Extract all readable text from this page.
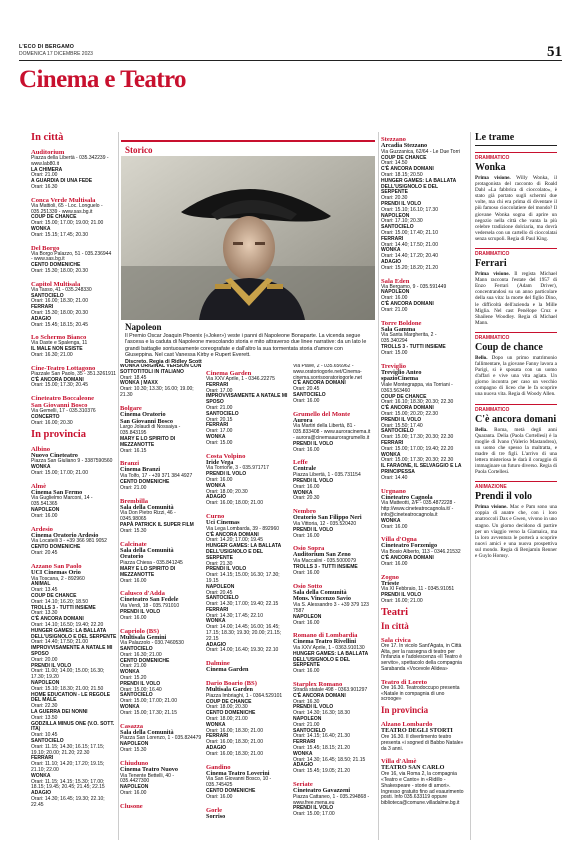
L'ECO DI BERGAMO
DOMENICA 17 DICEMBRE 2023	51
Cinema e Teatro
In città
Auditorium
Piazza della Libertà - 035.342239 -
www.lab80.it
LA CHIMERA
Orari: 21.00
A GUARDIA DI UNA FEDE
Orari: 16.30
Conca Verde Multisala
Via Mattioli, 65 - Loc. Longuelo -
035.251339 - www.sas.bg.it
COUP DE CHANCE
Orari: 15.00; 17.00; 19.00; 21.00
WONKA
Orari: 15.15; 17.45; 20.30
Del Borgo
Via Borgo Palazzo, 51 - 035.236944
- www.sas.bg.it
CENTO DOMENICHE
Orari: 15.30; 18.00; 20.30
Capitol Multisala
Via Tasso, 41 - 035.248330
SANTOCIELO
Orari: 16.00; 18.30; 21.00
FERRARI
Orari: 15.30; 18.00; 20.30
ADAGIO
Orari: 15.45; 18.15; 20.45
Lo Schermo Bianco
Via Daste e Spalenga, 11
IL MALE NON ESISTE
Orari: 16.30; 21.00
Cine-Teatro Lottagono
Piazzale San Paolo, 35 - 351.3261911
C'È ANCORA DOMANI
Orari: 15.00; 17.30; 20.45
Cineteatro Boccaleone
San Giovanni Bosco
Via Gemelli, 17 - 035.310376
CONCERTO
Orari: 16.00; 20.30
In provincia
Albino
Nuovo Cineteatro
Piazza San Giuliano 9 - 3387590560
WONKA
Orari: 15.00; 17.00; 21.00
Almè
Cinema San Fermo
Via Guglielmo Marconi, 14 -
035.541365
NAPOLEON
Orari: 16.00
Ardesio
Cinema Oratorio Ardesio
Via Locatelli 3 - +39 366 981 9052
CENTO DOMENICHE
Orari: 20.45
Azzano San Paolo
UCI Cinemas Orio
Via Toscana, 2 - 892960
ANIMAL
Orari: 13.45
COUP DE CHANCE
Orari: 14.10; 16.20; 18.50
TROLLS 3 - TUTTI INSIEME
Orari: 13.30
C'È ANCORA DOMANI
Orari: 14.10; 16.50; 19.40; 22.20
HUNGER GAMES: LA BALLATA DELL'USIGNOLO E DEL SERPENTE
Orari: 14.40; 17.50; 21.00
IMPROVVISAMENTE A NATALE MI SPOSO
Orari: 20.00
PRENDI IL VOLO
Orari: 11.00; 14.00; 15.00; 16.30; 17.30; 19.20
NAPOLEON
Orari: 15.10; 18.30; 21.00; 21.50
HOME EDUCATION - LE REGOLE DEL MALE
Orari: 22.30
LA GUERRA DEI NONNI
Orari: 13.50
GODZILLA MINUS ONE (V.O. SOTT. ITA)
Orari: 10.45
SANTOCIELO
Orari: 11.15; 14.30; 16.15; 17.15; 19.10; 20.00; 21.20; 22.30
FERRARI
Orari: 11.10; 14.20; 17.20; 19.15; 21.10; 22.00
WONKA
Orari: 11.15; 14.15; 15.30; 17.00; 18.15; 19.45; 20.45; 21.45; 22.15
ADAGIO
Orari: 14.30; 16.45; 19.30; 22.10; 22.45
Storico
Napoleon
Il Premio Oscar Joaquin Phoenix («Joker») veste i panni di Napoleone Bonaparte. La vicenda segue l'ascesa e la caduta di Napoleone mescolando storia e mito attraverso due linee narrative: da un lato le grandi battaglie sontuosamente coreografate e dall'altro la sua tormentata storia d'amore con Giuseppina. Nel cast Vanessa Kirby e Rupert Everett.
Discreto. Regia di Ridley Scott
WONKA ORIGINAL VERSION CON SOTTOTITOLI IN ITALIANO
Orari: 18.45
WONKA | MAXX
Orari: 10.30; 13.30; 16.00; 19.00; 21.30
Bolgare
Cinema Oratorio
San Giovanni Bosco
Largo Jolaudi di Nossaiya -
035.843195
MARY E LO SPIRITO DI MEZZANOTTE
Orari: 16.15
Branzi
Cinema Branzi
Via Tolfo, 17 - +39 371 384 4927
CENTO DOMENICHE
Orari: 21.00
Brembilla
Sala della Comunità
Via Don Pietro Rizzi, 46 -
0345.98065
PAPÀ PATRICK IL SUPER FILM
Orari: 15.30
Calcinate
Sala della Comunità
Oratorio
Piazza Chiesa - 035.841245
MARY E LO SPIRITO DI MEZZANOTTE
Orari: 16.00
Calusco d'Adda
Cineteatro San Fedele
Via Verdi, 18 - 035.791010
PRENDI IL VOLO
Orari: 16.00
Capriolo (BS)
Multisala Gemini
Via Palazzolo - 030.7460530
SANTOCIELO
Orari: 16.30; 21.00
CENTO DOMENICHE
Orari: 21.00
WONKA
Orari: 15.20
PRENDI IL VOLO
Orari: 15.00; 16.40
SANTOCIELO
Orari: 15.00; 17.00; 21.00
WONKA
Orari: 15.00; 17.30; 21.15
Casazza
Sala della Comunità
Piazza San Lorenzo, 1 - 035.824479
NAPOLEON
Orari: 15.30
Chiuduno
Cinema Teatro Nuovo
Via Tenente Bettelli, 40 -
035.4427300
NAPOLEON
Orari: 16.00
Clusone
Cinema Garden
Via XXV Aprile, 1 - 0346.22275
FERRARI
Orari: 17.00
IMPROVVISAMENTE A NATALE MI SPOSO
Orari: 21.00
SANTOCIELO
Orari: 20.15
FERRARI
Orari: 17.00
WONKA
Orari: 15.00
Costa Volpino
Iride Vega
Via Torrione, 3 - 035.971717
PRENDI IL VOLO
Orari: 16.00
WONKA
Orari: 18.00; 20.30
ADAGIO
Orari: 16.00; 18.00; 21.00
Curno
Uci Cinemas
Via Lega Lombarda, 39 - 892960
C'È ANCORA DOMANI
Orari: 14.20; 17.00; 19.45
HUNGER GAMES: LA BALLATA DELL'USIGNOLO E DEL SERPENTE
Orari: 21.30
PRENDI IL VOLO
Orari: 14.15; 15.00; 16.30; 17.30; 19.15
NAPOLEON
Orari: 20.45
SANTOCIELO
Orari: 14.30; 17.00; 19.40; 22.15
FERRARI
Orari: 14.30; 17.45; 22.10
WONKA
Orari: 14.00; 14.45; 16.00; 16.45; 17.15; 18.30; 19.30; 20.00; 21.15; 22.15
ADAGIO
Orari: 14.00; 16.40; 19.30; 22.10
Dalmine
Cinema Garden
Dario Boario (BS)
Multisala Garden
Piazza Imbriaghi, 1 - 0364.529101
COUP DE CHANCE
Orari: 18.00; 20.30
CENTO DOMENICHE
Orari: 18.00; 21.00
WONKA
Orari: 16.00; 18.30; 21.00
FERRARI
Orari: 16.00; 18.30; 21.00
ADAGIO
Orari: 16.00; 18.30; 21.00
Gandino
Cinema Teatro Loverini
Via San Giovanni Bosco, 10 -
035.745425
CENTO DOMENICHE
Orari: 16.00
Gorle
Sorriso
Via Piave, 2 - 035.656962 -
www.oratoriogorle.net/Cinema-cinema.sorrisooratoriogorle.net
C'È ANCORA DOMANI
Orari: 20.45
SANTOCIELO
Orari: 16.00
Grumello del Monte
Aurora
Via Martiri della Libertà, 81 -
035.833408 - www.auroracinema.it
- aurora@cinemaauroragrumello.it
PRENDI IL VOLO
Orari: 16.00
Leffe
Centrale
Piazza Libertà, 1 - 035.731154
PRENDI IL VOLO
Orari: 16.00
WONKA
Orari: 20.30
Nembro
Oratorio San Filippo Neri
Via Vittoria, 12 - 035.520420
PRENDI IL VOLO
Orari: 16.00
Osio Sopra
Auditorium San Zeno
Via Maccalini - 035.5000079
TROLLS 3 - TUTTI INSIEME
Orari: 16.00
Osio Sotto
Sala della Comunità
Mons. Vincenzo Savio
Via S. Alessandro 3 - +39 379 123
7587
NAPOLEON
Orari: 16.00
Romano di Lombardia
Cinema Teatro Rivellini
Via XXV Aprile, 1 - 0363.910130
HUNGER GAMES: LA BALLATA DELL'USIGNOLO E DEL SERPENTE
Orari: 16.00
Starplex Romano
Strada statale 498 - 0363.901297
C'È ANCORA DOMANI
Orari: 16.30
PRENDI IL VOLO
Orari: 14.30; 16.30; 18.30
NAPOLEON
Orari: 21.00
SANTOCIELO
Orari: 14.15; 16.40; 21.30
FERRARI
Orari: 15.45; 18.15; 21.20
WONKA
Orari: 14.30; 16.45; 18.50; 21.15
ADAGIO
Orari: 15.45; 19.05; 21.20
Seriate
Cineteatro Gavazzeni
Piazza Cattaneo, 1 - 035.294868 -
www.free.mena.eu
PRENDI IL VOLO
Orari: 15.00; 17.00
Stezzano
Arcadia Stezzano
Via Guzzanica, 62/64 - Le Due Torri
COUP DE CHANCE
Orari: 14.50
C'È ANCORA DOMANI
Orari: 18.15; 20.50
HUNGER GAMES: LA BALLATA DELL'USIGNOLO E DEL SERPENTE
Orari: 20.30
PRENDI IL VOLO
Orari: 15.10; 16.10; 17.30
NAPOLEON
Orari: 17.10; 20.30
SANTOCIELO
Orari: 15.00; 17.40; 21.10
FERRARI
Orari: 14.40; 17.50; 21.00
WONKA
Orari: 14.40; 17.20; 20.40
ADAGIO
Orari: 15.20; 18.20; 21.20
Sala Eden
Via Bergamo, 9 - 035.591449
NAPOLEON
Orari: 16.00
C'È ANCORA DOMANI
Orari: 21.00
Torre Boldone
Sala Gamma
Via Santa Margherita, 2 -
035.340294
TROLLS 3 - TUTTI INSIEME
Orari: 15.00
Treviglio
Treviglio Anteo
spazioCinema
Viale Montegrappa, via Torriani -
0363.563460
COUP DE CHANCE
Orari: 16.10; 18.30; 20.30; 22.30
C'È ANCORA DOMANI
Orari: 15.00; 20.20; 22.30
PRENDI IL VOLO
Orari: 15.50; 17.40
SANTOCIELO
Orari: 15.00; 17.30; 20.30; 22.30
FERRARI
Orari: 15.00; 17.00; 19.40; 22.20
WONKA
Orari: 15.00; 17.30; 20.30; 22.30
IL FARAONE, IL SELVAGGIO E LA PRINCIPESSA
Orari: 14.40
Urgnano
Cineteatro Cagnola
Via Matteotti, 2/F - 035.4872228 -
http://www.cineteatrocagnola.it/ -
info@cineteatrocagnola.it
WONKA
Orari: 16.00
Villa d'Ogna
Cineteatro Forzenigo
Via Bosio Alberto, 113 - 0346.21532
C'È ANCORA DOMANI
Orari: 16.00
Zogno
Trieste
Via XI Febbraio, 11 - 0345.91051
PRENDI IL VOLO
Orari: 16.00; 21.00
Teatri
In città
Sala civica
Ore 17. In vicolo Sant'Agata, in Città Alta, per la rassegna di teatro per l'infanzia e l'adolescenza «Il Teatro è servito», spettacolo della compagnia Sarabanda «Vocevole Alidea»
Teatro di Loreto
Ore 16.30. Teatrodoccupo presenta «Natale in compagnia di uno scrooge»
In provincia
Alzano Lombardo
TEATRO DEGLI STORTI
Ore 16.30. Il divertimento teatro presenta «i sogned di Babbo Natale» da 3 anni.
Villa d'Almè
TEATRO SAN CARLO
Ore 16, via Roma 2, la compagnia «Teatro e Canto» in «Ridillo - Shakespeare - storie di amori». Ingresso gratuito fino ad esaurimento posti. Info 035.633119 oppure biblioteca@comune.villadalme.bg.it
Le trame
DRAMMATICO
Wonka
Prima visione. Willy Wonka, il protagonista del racconto di Roald Dahl «La fabbrica di cioccolato», è stato già portato sugli schermi due volte, ma chi era prima di diventare il più famoso cioccolatiere del mondo? Il giovane Wonka sogna di aprire un negozio nella città che vanta la più celebre tradizione dolciaria, ma dovrà vedersela con un cartello di cioccolatai senza scrupoli. Regia di Paul King.
DRAMMATICO
Ferrari
Prima visione. Il regista Michael Mann racconta l'estate del 1957 di Enzo Ferrari (Adam Driver), concentrandosi su un anno particolare della sua vita: la morte del figlio Dino, le difficoltà dell'azienda e la Mille Miglia. Nel cast Penélope Cruz e Shailene Woodley. Regia di Michael Mann.
DRAMMATICO
Coup de chance
Bello. Dopo un primo matrimonio fallimentare, la giovane Fanny lavora a Parigi, si è sposata con un uomo d'affari e vive una vita agiata. Un giorno incontra per caso un vecchio compagno di liceo che le fa scoprire una nuova vita. Regia di Woody Allen.
DRAMMATICO
C'è ancora domani
Bella. Roma, metà degli anni Quaranta. Delia (Paola Cortellesi) è la moglie di Ivano (Valerio Mastandrea), un uomo che spesso la maltratta, e madre di tre figli. L'arrivo di una lettera misteriosa le darà il coraggio di immaginare un futuro diverso. Regia di Paola Cortellesi.
ANIMAZIONE
Prendi il volo
Prima visione. Mac e Pam sono una coppia di anatre che, con i loro anatroccoli Dax e Gwen, vivono in uno stagno. Un giorno decidono di partire per un viaggio verso la Giamaica, ma la loro avventura le porterà a scoprire nuovi amici e una nuova prospettiva sul mondo. Regia di Benjamin Renner e Guylo Homsy.
